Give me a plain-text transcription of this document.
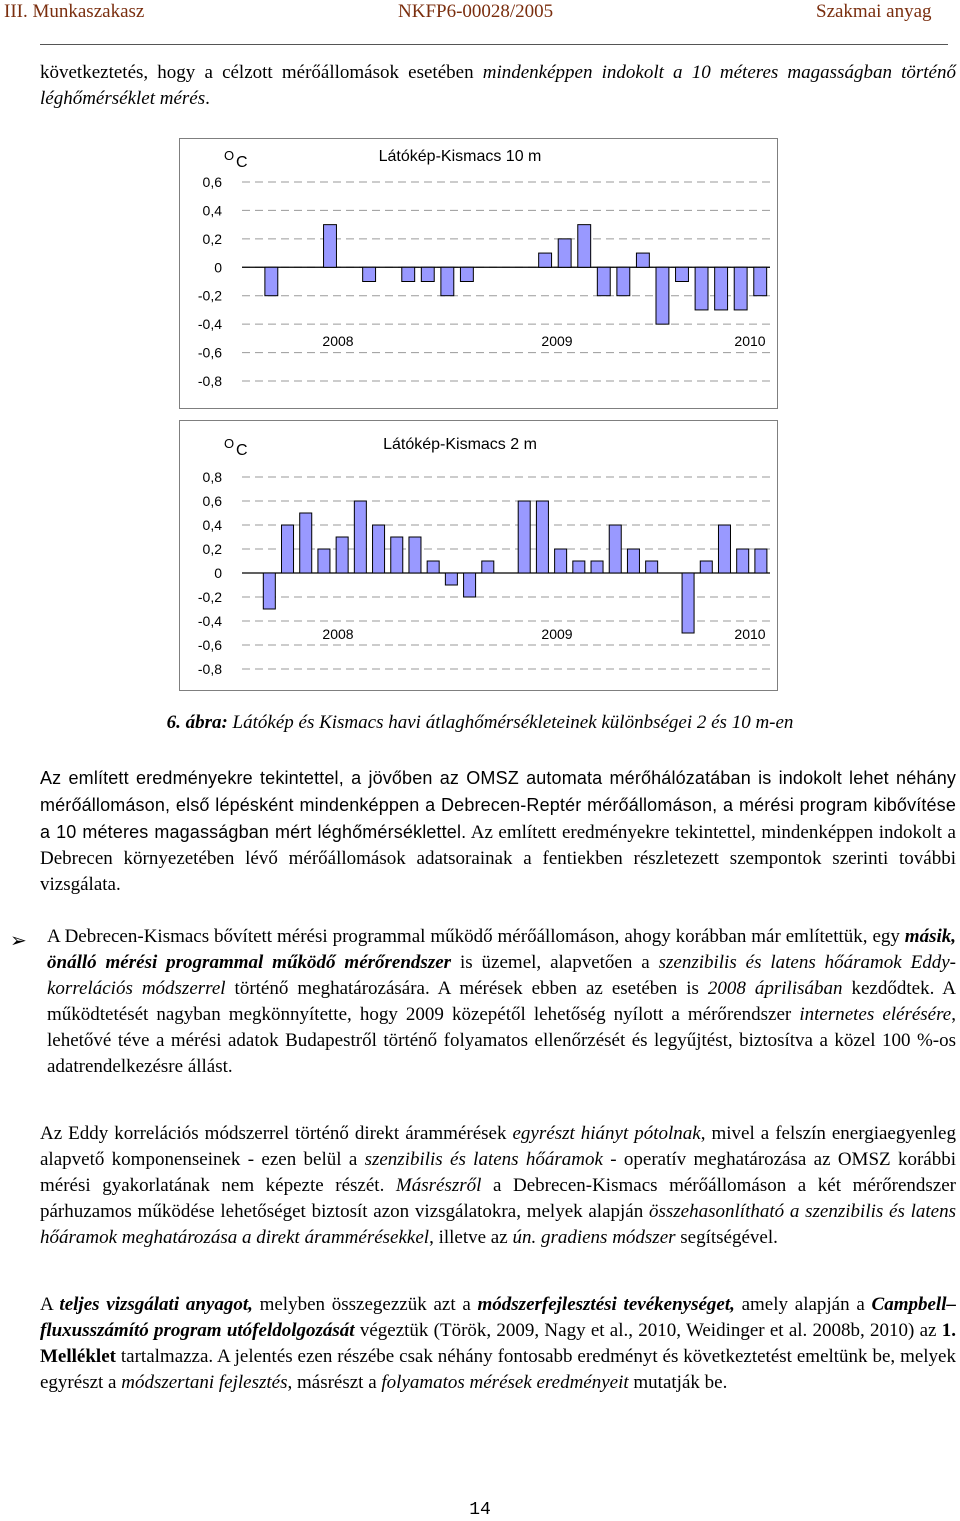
III. Munkaszakasz	NKFP6-00028/2005	Szakmai anyag

következtetés, hogy a célzott mérőállomások esetében mindenképpen indokolt a 10 méteres magasságban történő léghőmérséklet mérés.

0,6
0,4
0,2
0
-0,2
-0,4
-0,6
-0,8
Látókép-Kismacs 10 m
O C
2008	2009	2010
0,8
0,6
0,4
0,2
0
-0,2
-0,4
-0,6
-0,8
Látókép-Kismacs 2 m
O C
2008	2009	2010
6. ábra: Látókép és Kismacs havi átlaghőmérsékleteinek különbségei 2 és 10 m-en

Az említett eredményekre tekintettel, a jövőben az OMSZ automata mérőhálózatában is indokolt lehet néhány mérőállomáson, első lépésként mindenképpen a Debrecen-Reptér mérőállomáson, a mérési program kibővítése a 10 méteres magasságban mért léghőmérséklettel. Az említett eredményekre tekintettel, mindenképpen indokolt a Debrecen környezetében lévő mérőállomások adatsorainak a fentiekben részletezett szempontok szerinti további vizsgálata.

➢ A Debrecen-Kismacs bővített mérési programmal működő mérőállomáson, ahogy korábban már említettük, egy másik, önálló mérési programmal működő mérőrendszer is üzemel, alapvetően a szenzibilis és latens hőáramok Eddy-korrelációs módszerrel történő meghatározására. A mérések ebben az esetében is 2008 áprilisában kezdődtek. A működtetését nagyban megkönnyítette, hogy 2009 közepétől lehetőség nyílott a mérőrendszer internetes elérésére, lehetővé téve a mérési adatok Budapestről történő folyamatos ellenőrzését és legyűjtést, biztosítva a közel 100 %-os adatrendelkezésre állást.

Az Eddy korrelációs módszerrel történő direkt árammérések egyrészt hiányt pótolnak, mivel a felszín energiaegyenleg alapvető komponenseinek - ezen belül a szenzibilis és latens hőáramok - operatív meghatározása az OMSZ korábbi mérési gyakorlatának nem képezte részét. Másrészről a Debrecen-Kismacs mérőállomáson a két mérőrendszer párhuzamos működése lehetőséget biztosít azon vizsgálatokra, melyek alapján összehasonlítható a szenzibilis és latens hőáramok meghatározása a direkt árammérésekkel, illetve az ún. gradiens módszer segítségével.

A teljes vizsgálati anyagot, melyben összegezzük azt a módszerfejlesztési tevékenységet, amely alapján a Campbell–fluxusszámító program utófeldolgozását végeztük (Török, 2009, Nagy et al., 2010, Weidinger et al. 2008b, 2010) az 1. Melléklet tartalmazza. A jelentés ezen részébe csak néhány fontosabb eredményt és következtetést emeltünk be, melyek egyrészt a módszertani fejlesztés, másrészt a folyamatos mérések eredményeit mutatják be.

14
